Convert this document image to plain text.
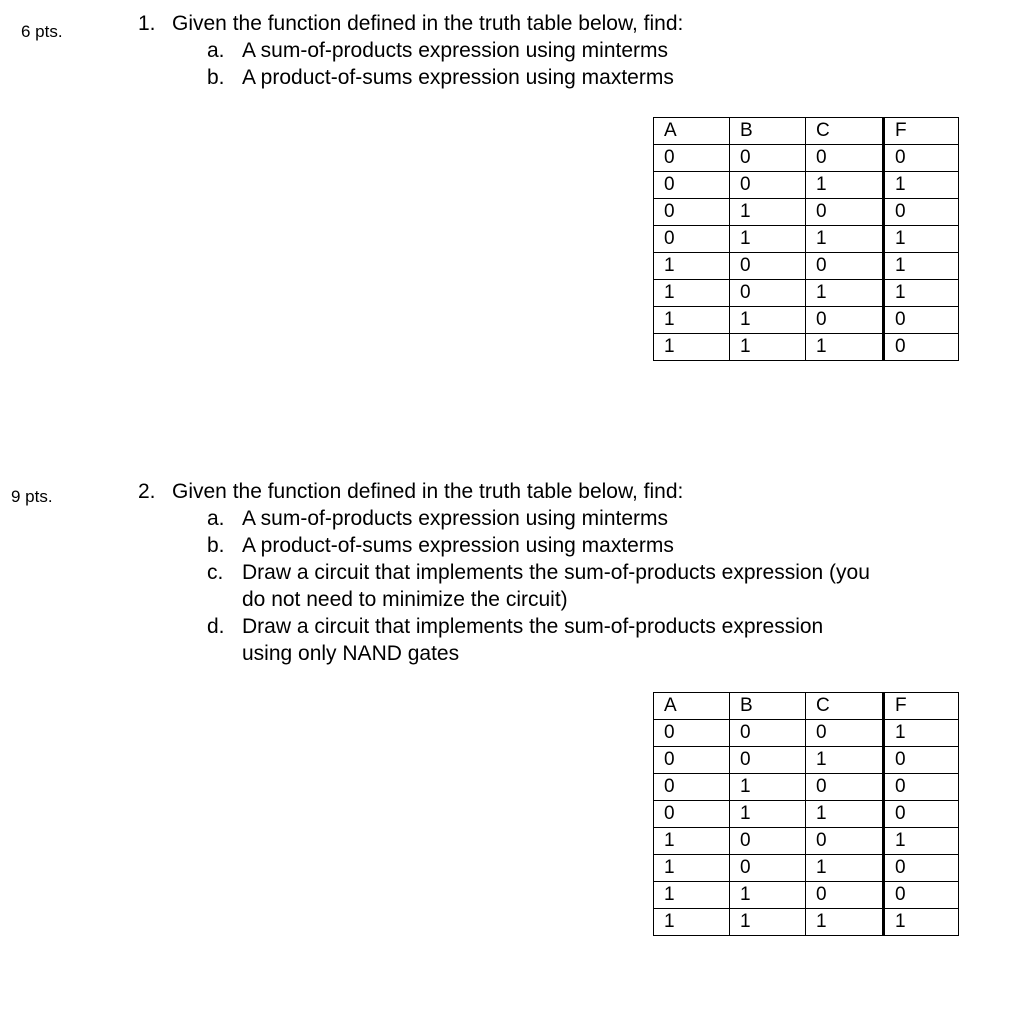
6 pts.	1. Given the function defined in the truth table below, find:
a. A sum-of-products expression using minterms
b. A product-of-sums expression using maxterms
A	B	C	F
0	0	0	0
0	0	1	1
0	1	0	0
0	1	1	1
1	0	0	1
1	0	1	1
1	1	0	0
1	1	1	0
9 pts.	2. Given the function defined in the truth table below, find:
a. A sum-of-products expression using minterms
b. A product-of-sums expression using maxterms
c. Draw a circuit that implements the sum-of-products expression (you
do not need to minimize the circuit)
d. Draw a circuit that implements the sum-of-products expression
using only NAND gates
A	B	C	F
0	0	0	1
0	0	1	0
0	1	0	0
0	1	1	0
1	0	0	1
1	0	1	0
1	1	0	0
1	1	1	1
